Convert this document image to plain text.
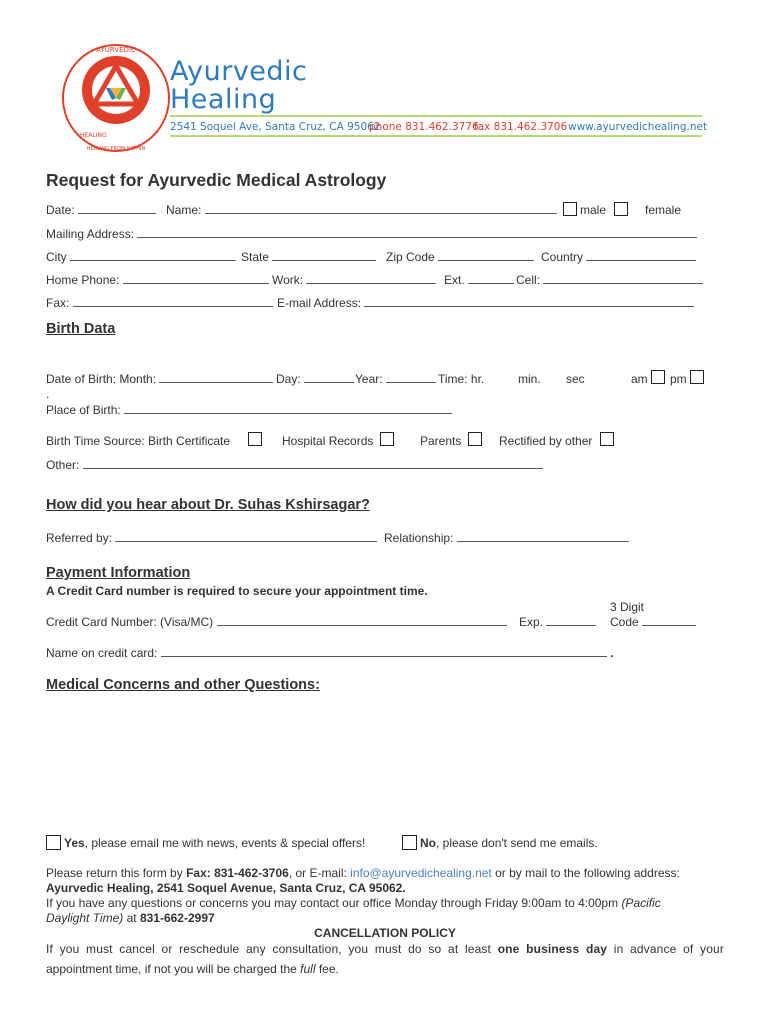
AYURVEDIC
HEALING
HEALING FROM WITHIN
Ayurvedic
Healing
2541 Soquel Ave, Santa Cruz, CA 95062
phone 831.462.3776
fax 831.462.3706 www.ayurvedichealing.net
Request for Ayurvedic Medical Astrology
Date:	Name:	male	female
Mailing Address:
City	State	Zip Code	Country
Home Phone:	Work:	Ext.	Cell:
Fax:	E-mail Address:
Birth Data
Date of Birth: Month:	Day:	Year:	Time: hr.	min. sec	am pm
.
Place of Birth:
Birth Time Source: Birth Certificate	Hospital Records	Parents	Rectified by other
Other:
How did you hear about Dr. Suhas Kshirsagar?
Referred by:	Relationship:
Payment Information
A Credit Card number is required to secure your appointment time.
Credit Card Number: (Visa/MC)	Exp.
3 Digit
Code
Name on credit card:	.
Medical Concerns and other Questions:
Yes, please email me with news, events & special offers!	No, please don't send me emails.
Please return this form by Fax: 831-462-3706, or E-mail: info@ayurvedichealing.net or by mail to the following address:
Ayurvedic Healing, 2541 Soquel Avenue, Santa Cruz, CA 95062.
If you have any questions or concerns you may contact our office Monday through Friday 9:00am to 4:00pm (Pacific
Daylight Time) at 831-662-2997
CANCELLATION POLICY
If you must cancel or reschedule any consultation, you must do so at least one business day in advance of your
appointment time, if not you will be charged the full fee.
